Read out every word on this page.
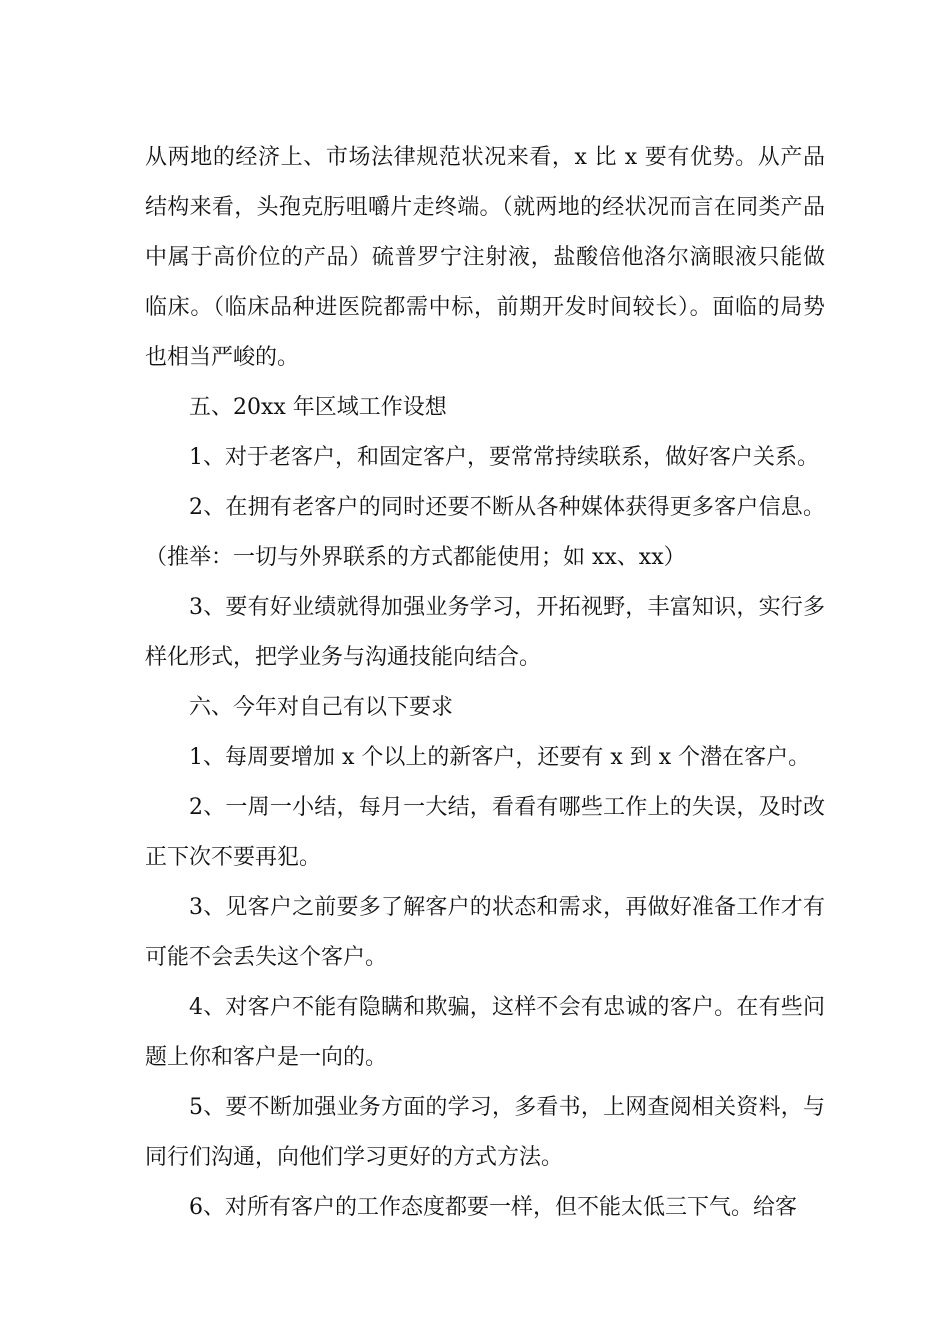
从两地的经济上、市场法律规范状况来看，x 比 x 要有优势。从产品结构来看，头孢克肟咀嚼片走终端。（就两地的经状况而言在同类产品中属于高价位的产品）硫普罗宁注射液，盐酸倍他洛尔滴眼液只能做临床。（临床品种进医院都需中标，前期开发时间较长）。面临的局势也相当严峻的。

五、20xx 年区域工作设想

1、对于老客户，和固定客户，要常常持续联系，做好客户关系。

2、在拥有老客户的同时还要不断从各种媒体获得更多客户信息。（推举：一切与外界联系的方式都能使用；如 xx、xx）

3、要有好业绩就得加强业务学习，开拓视野，丰富知识，实行多样化形式，把学业务与沟通技能向结合。

六、今年对自己有以下要求

1、每周要增加 x 个以上的新客户，还要有 x 到 x 个潜在客户。

2、一周一小结，每月一大结，看看有哪些工作上的失误，及时改正下次不要再犯。

3、见客户之前要多了解客户的状态和需求，再做好准备工作才有可能不会丢失这个客户。

4、对客户不能有隐瞒和欺骗，这样不会有忠诚的客户。在有些问题上你和客户是一向的。

5、要不断加强业务方面的学习，多看书，上网查阅相关资料，与同行们沟通，向他们学习更好的方式方法。

6、对所有客户的工作态度都要一样，但不能太低三下气。给客
